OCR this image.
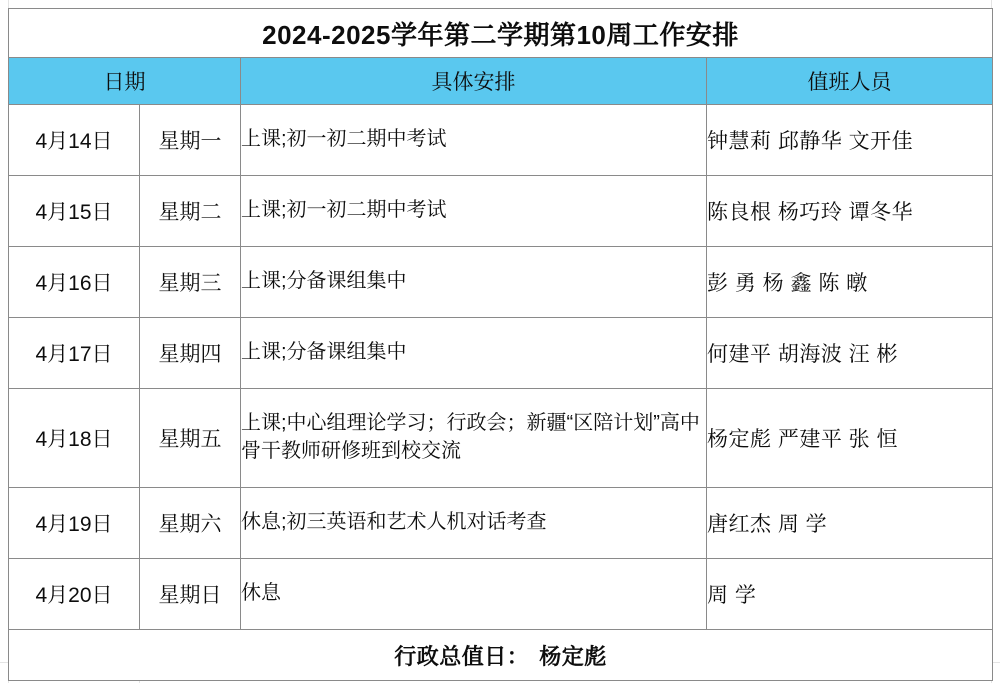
2024-2025学年第二学期第10周工作安排			
日期		具体安排	值班人员
4月14日	星期一	上课;初一初二期中考试	钟慧莉 邱静华 文开佳
4月15日	星期二	上课;初一初二期中考试	陈良根 杨巧玲 谭冬华
4月16日	星期三	上课;分备课组集中	彭 勇 杨 鑫 陈 暾
4月17日	星期四	上课;分备课组集中	何建平 胡海波 汪 彬
4月18日	星期五	上课;中心组理论学习；行政会；新疆“区陪计划”高中骨干教师研修班到校交流	杨定彪 严建平 张 恒
4月19日	星期六	休息;初三英语和艺术人机对话考查	唐红杰 周 学
4月20日	星期日	休息	周 学
行政总值日： 杨定彪			
